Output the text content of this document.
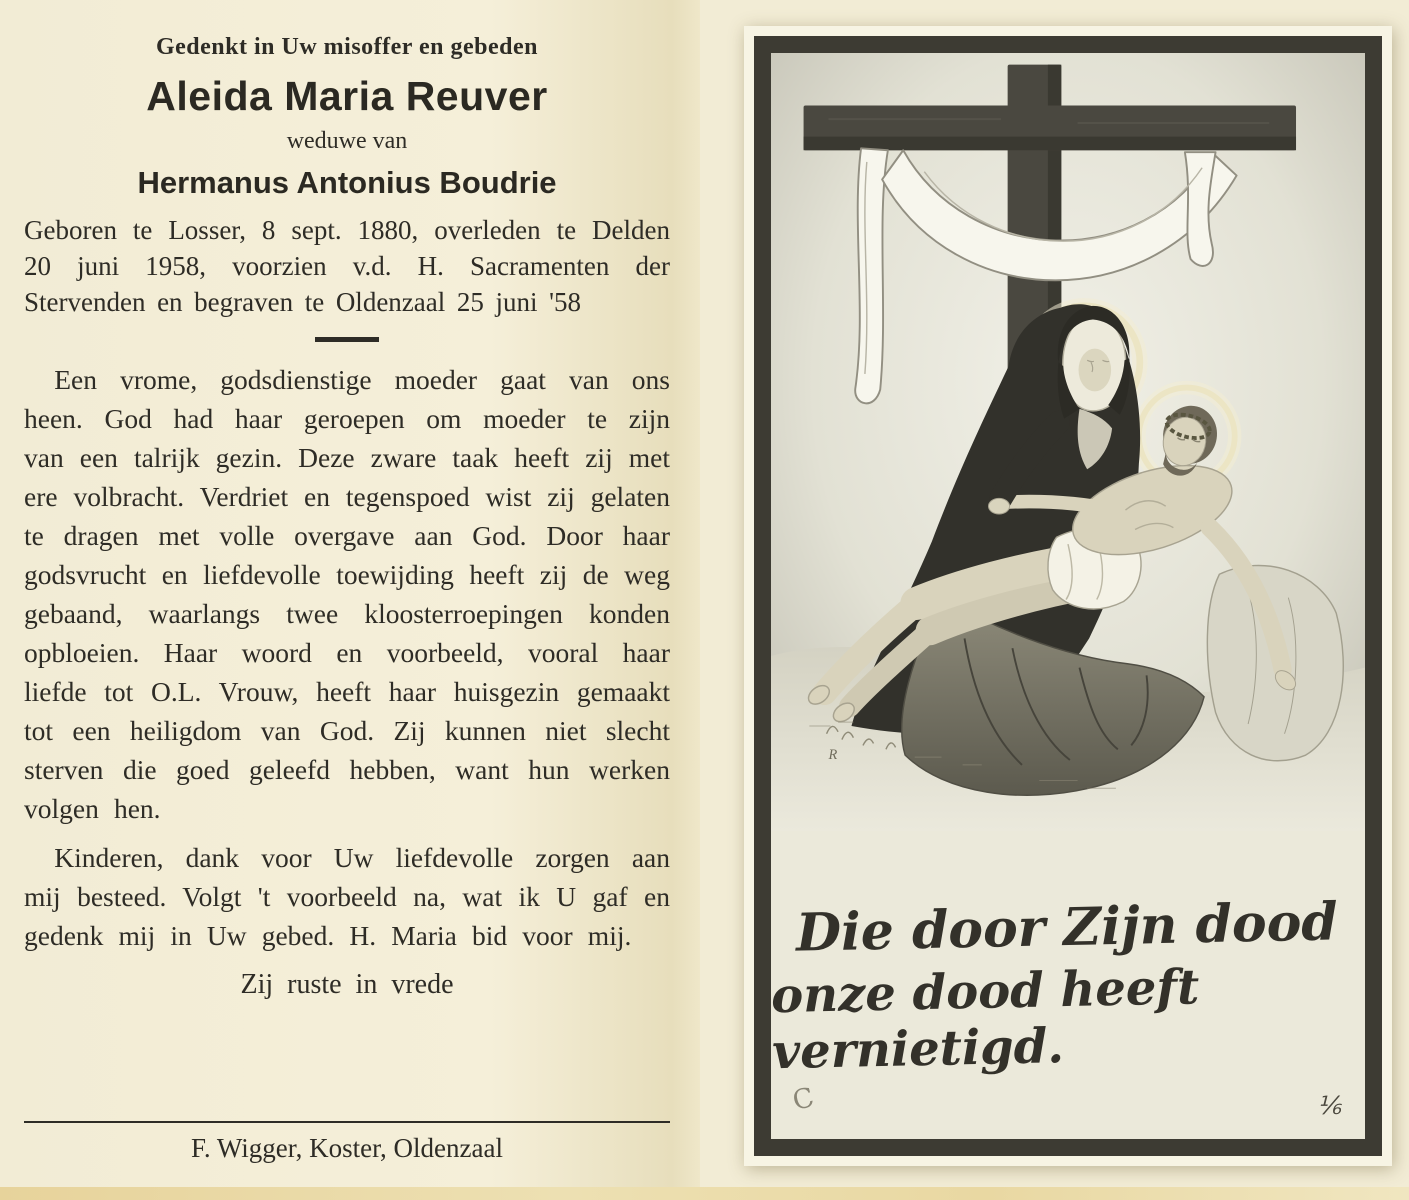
Gedenkt in Uw misoffer en gebeden
Aleida Maria Reuver
weduwe van
Hermanus Antonius Boudrie
Geboren te Losser, 8 sept. 1880, overleden te Delden 20 juni 1958, voorzien v.d. H. Sacramenten der Stervenden en begraven te Oldenzaal 25 juni '58
Een vrome, godsdienstige moeder gaat van ons heen. God had haar geroepen om moeder te zijn van een talrijk gezin. Deze zware taak heeft zij met ere volbracht. Verdriet en tegenspoed wist zij gelaten te dragen met volle overgave aan God. Door haar godsvrucht en liefdevolle toewijding heeft zij de weg gebaand, waarlangs twee kloosterroepingen konden opbloeien. Haar woord en voorbeeld, vooral haar liefde tot O.L. Vrouw, heeft haar huisgezin gemaakt tot een heiligdom van God. Zij kunnen niet slecht sterven die goed geleefd hebben, want hun werken volgen hen.
Kinderen, dank voor Uw liefdevolle zorgen aan mij besteed. Volgt 't voorbeeld na, wat ik U gaf en gedenk mij in Uw gebed. H. Maria bid voor mij.
Zij ruste in vrede
F. Wigger, Koster, Oldenzaal
R
Die door Zijn dood
onze dood heeft vernietigd.
C	⅙
